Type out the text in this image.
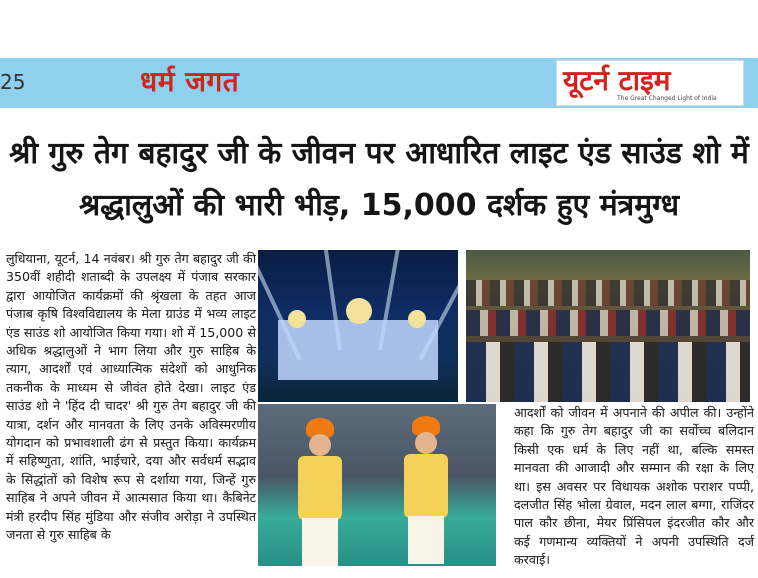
25	धर्म जगत	यूटर्न टाइम
The Great Changed Light of India
श्री गुरु तेग बहादुर जी के जीवन पर आधारित लाइट एंड साउंड शो में श्रद्धालुओं की भारी भीड़, 15,000 दर्शक हुए मंत्रमुग्ध
लुधियाना, यूटर्न, 14 नवंबर। श्री गुरु तेग बहादुर जी की 350वीं शहीदी शताब्दी के उपलक्ष्य में पंजाब सरकार द्वारा आयोजित कार्यक्रमों की श्रृंखला के तहत आज पंजाब कृषि विश्वविद्यालय के मेला ग्राउंड में भव्य लाइट एंड साउंड शो आयोजित किया गया। शो में 15,000 से अधिक श्रद्धालुओं ने भाग लिया और गुरु साहिब के त्याग, आदर्शों एवं आध्यात्मिक संदेशों को आधुनिक तकनीक के माध्यम से जीवंत होते देखा। लाइट एंड साउंड शो ने 'हिंद दी चादर' श्री गुरु तेग बहादुर जी की यात्रा, दर्शन और मानवता के लिए उनके अविस्मरणीय योगदान को प्रभावशाली ढंग से प्रस्तुत किया। कार्यक्रम में सहिष्णुता, शांति, भाईचारे, दया और सर्वधर्म सद्भाव के सिद्धांतों को विशेष रूप से दर्शाया गया, जिन्हें गुरु साहिब ने अपने जीवन में आत्मसात किया था। कैबिनेट मंत्री हरदीप सिंह मुंडिया और संजीव अरोड़ा ने उपस्थित जनता से गुरु साहिब के
आदर्शों को जीवन में अपनाने की अपील की। उन्होंने कहा कि गुरु तेग बहादुर जी का सर्वोच्च बलिदान किसी एक धर्म के लिए नहीं था, बल्कि समस्त मानवता की आजादी और सम्मान की रक्षा के लिए था। इस अवसर पर विधायक अशोक पराशर पप्पी, दलजीत सिंह भोला ग्रेवाल, मदन लाल बग्गा, राजिंदर पाल कौर छीना, मेयर प्रिंसिपल इंदरजीत कौर और कई गणमान्य व्यक्तियों ने अपनी उपस्थिति दर्ज करवाई।
